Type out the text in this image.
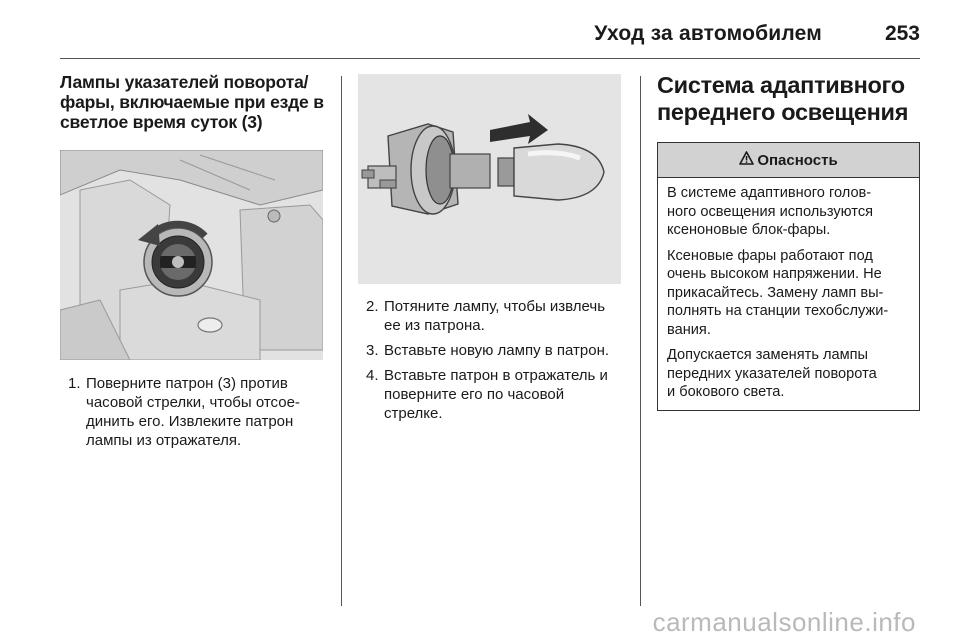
Уход за автомобилем	253
Лампы указателей поворота/
фары, включаемые при езде в
светлое время суток (3)
1. Поверните патрон (3) против
часовой стрелки, чтобы отсое-
динить его. Извлеките патрон
лампы из отражателя.
2. Потяните лампу, чтобы извлечь
ее из патрона.
3. Вставьте новую лампу в патрон.
4. Вставьте патрон в отражатель и
поверните его по часовой
стрелке.
Система адаптивного
переднего освещения
Опасность

В системе адаптивного голов-
ного освещения используются
ксеноновые блок-фары.

Ксеновые фары работают под
очень высоком напряжении. Не
прикасайтесь. Замену ламп вы-
полнять на станции техобслужи-
вания.

Допускается заменять лампы
передних указателей поворота
и бокового света.

carmanualsonline.info
